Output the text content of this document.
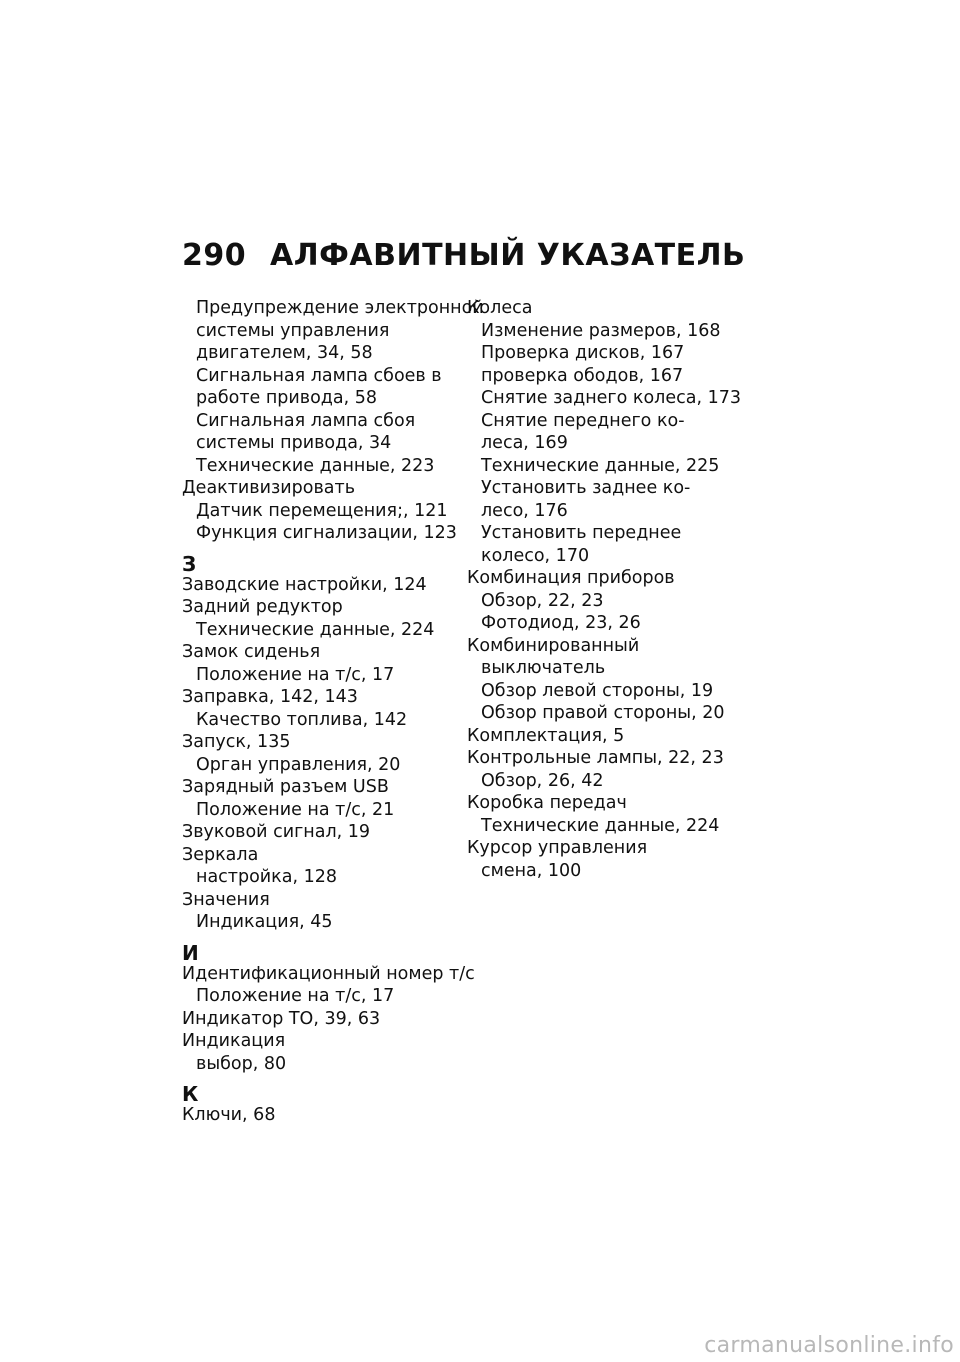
290 АЛФАВИТНЫЙ УКАЗАТЕЛЬ
Предупреждение электронной
системы управления
двигателем, 34, 58
Сигнальная лампа сбоев в
работе привода, 58
Сигнальная лампа сбоя
системы привода, 34
Технические данные, 223
Деактивизировать
Датчик перемещения;, 121
Функция сигнализации, 123
З
Заводские настройки, 124
Задний редуктор
Технические данные, 224
Замок сиденья
Положение на т/с, 17
Заправка, 142, 143
Качество топлива, 142
Запуск, 135
Орган управления, 20
Зарядный разъем USB
Положение на т/с, 21
Звуковой сигнал, 19
Зеркала
настройка, 128
Значения
Индикация, 45
И
Идентификационный номер т/с
Положение на т/с, 17
Индикатор ТО, 39, 63
Индикация
выбор, 80
К
Ключи, 68
Колеса
Изменение размеров, 168
Проверка дисков, 167
проверка ободов, 167
Снятие заднего колеса, 173
Снятие переднего ко-
леса, 169
Технические данные, 225
Установить заднее ко-
лесо, 176
Установить переднее
колесо, 170
Комбинация приборов
Обзор, 22, 23
Фотодиод, 23, 26
Комбинированный
выключатель
Обзор левой стороны, 19
Обзор правой стороны, 20
Комплектация, 5
Контрольные лампы, 22, 23
Обзор, 26, 42
Коробка передач
Технические данные, 224
Курсор управления
смена, 100
carmanualsonline.info
